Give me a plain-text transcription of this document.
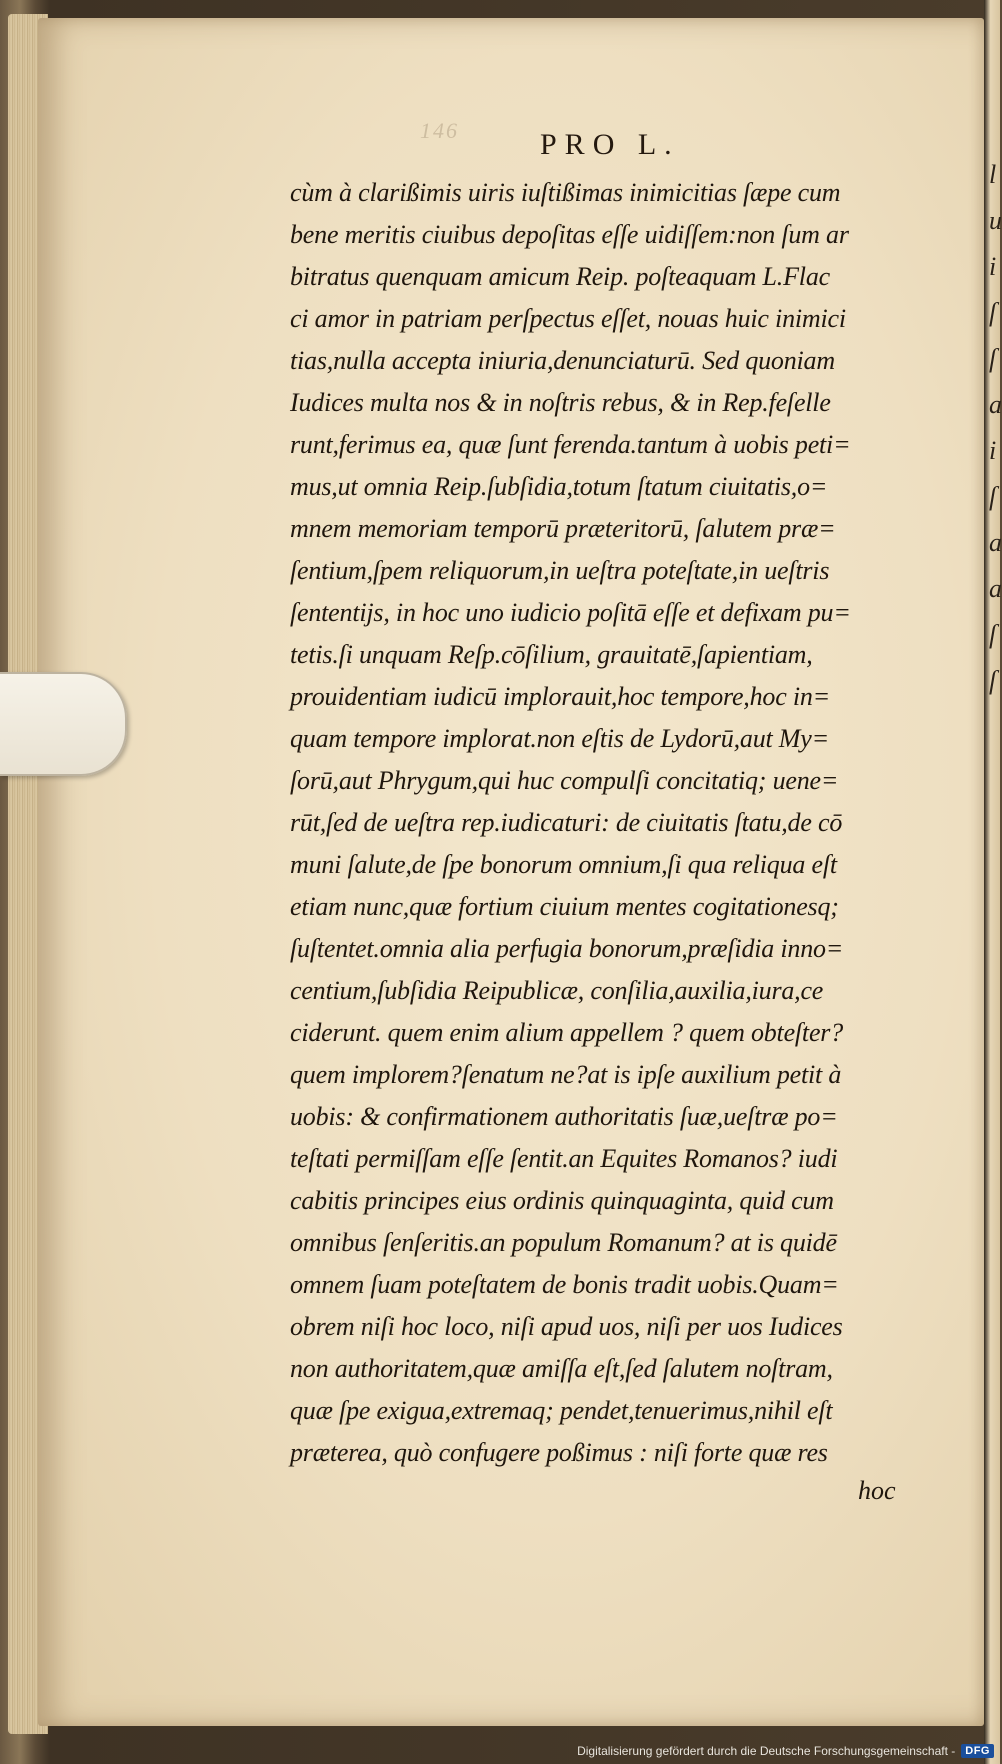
l
u
i
ſ
ſ
a
i
ſ
a
a
ſ
ſ
146	PRO L.
cùm à clarißimis uiris iuſtißimas inimicitias ſæpe cum
bene meritis ciuibus depoſitas eſſe uidiſſem:non ſum ar
bitratus quenquam amicum Reip. poſteaquam L.Flac
ci amor in patriam perſpectus eſſet, nouas huic inimici
tias,nulla accepta iniuria,denunciaturū. Sed quoniam
Iudices multa nos & in noſtris rebus, & in Rep.feſelle
runt,ferimus ea, quæ ſunt ferenda.tantum à uobis peti=
mus,ut omnia Reip.ſubſidia,totum ſtatum ciuitatis,o=
mnem memoriam temporū præteritorū, ſalutem præ=
ſentium,ſpem reliquorum,in ueſtra poteſtate,in ueſtris
ſententijs, in hoc uno iudicio poſitā eſſe et defixam pu=
tetis.ſi unquam Reſp.cōſilium, grauitatē,ſapientiam,
prouidentiam iudicū implorauit,hoc tempore,hoc in=
quam tempore implorat.non eſtis de Lydorū,aut My=
ſorū,aut Phrygum,qui huc compulſi concitatiq; uene=
rūt,ſed de ueſtra rep.iudicaturi: de ciuitatis ſtatu,de cō
muni ſalute,de ſpe bonorum omnium,ſi qua reliqua eſt
etiam nunc,quæ fortium ciuium mentes cogitationesq;
ſuſtentet.omnia alia perfugia bonorum,præſidia inno=
centium,ſubſidia Reipublicæ, conſilia,auxilia,iura,ce
ciderunt. quem enim alium appellem ? quem obteſter?
quem implorem?ſenatum ne?at is ipſe auxilium petit à
uobis: & confirmationem authoritatis ſuæ,ueſtræ po=
teſtati permiſſam eſſe ſentit.an Equites Romanos? iudi
cabitis principes eius ordinis quinquaginta, quid cum
omnibus ſenſeritis.an populum Romanum? at is quidē
omnem ſuam poteſtatem de bonis tradit uobis.Quam=
obrem niſi hoc loco, niſi apud uos, niſi per uos Iudices
non authoritatem,quæ amiſſa eſt,ſed ſalutem noſtram,
quæ ſpe exigua,extremaq; pendet,tenuerimus,nihil eſt
præterea, quò confugere poßimus : niſi forte quæ res
hoc
Digitalisierung gefördert durch die Deutsche Forschungsgemeinschaft - DFG
